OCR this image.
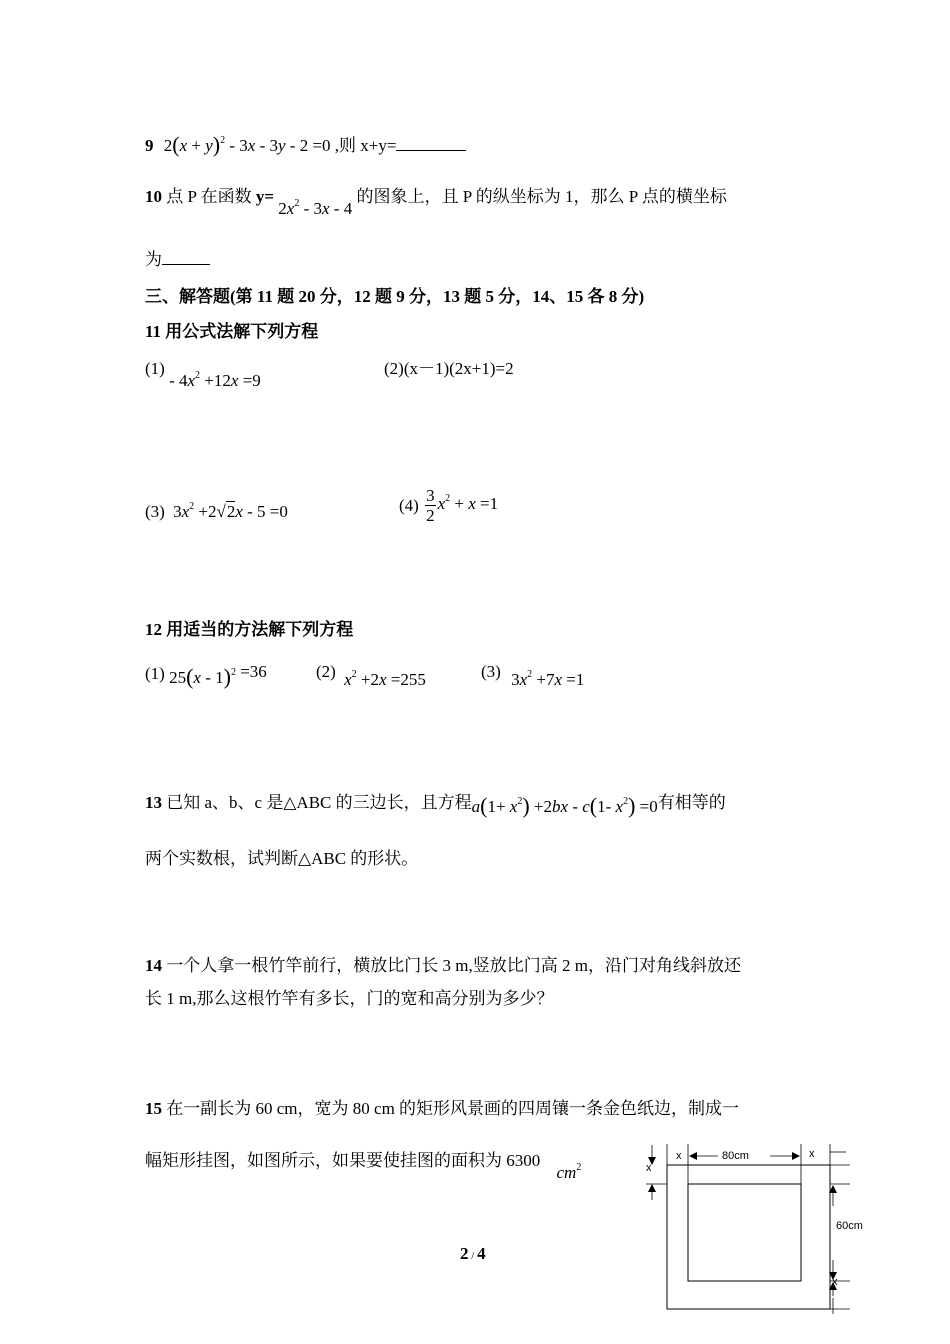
9 $2(x + y)^2 - 3x - 3y - 2 =0$ ,则 x+y=
10 点 P 在函数 $y= 2x^2 - 3x - 4$ 的图象上，且 P 的纵坐标为 1，那么 P 点的横坐标
为
三、解答题(第 11 题 20 分，12 题 9 分，13 题 5 分，14、15 各 8 分)
11 用公式法解下列方程
$(1) - 4x^2 +12x =9$
(2)(x－1)(2x+1)=2
(3) $3x^2 +2√2x - 5 =0$	$(4) \frac{3}{2} x^2 + x =1$
12 用适当的方法解下列方程
(1) 25(x - 1)$^2$ =36	(2) $x^2 +2x =255$	(3) $3x^2 +7x =1$
13 已知 a、b、c 是△ABC 的三边长，且方程$a(1+ x^2) +2bx - c(1-$ $x^2) =0$有相等的
两个实数根，试判断△ABC 的形状。
14 一个人拿一根竹竿前行，横放比门长 3 m,竖放比门高 2 m，沿门对角线斜放还
长 1 m,那么这根竹竿有多长，门的宽和高分别为多少？
15 在一副长为 60 cm，宽为 80 cm 的矩形风景画的四周镶一条金色纸边，制成一
幅矩形挂图，如图所示，如果要使挂图的面积为 6300 $cm^2$
80cm
60cm
x	x
x
x
2 / 4
